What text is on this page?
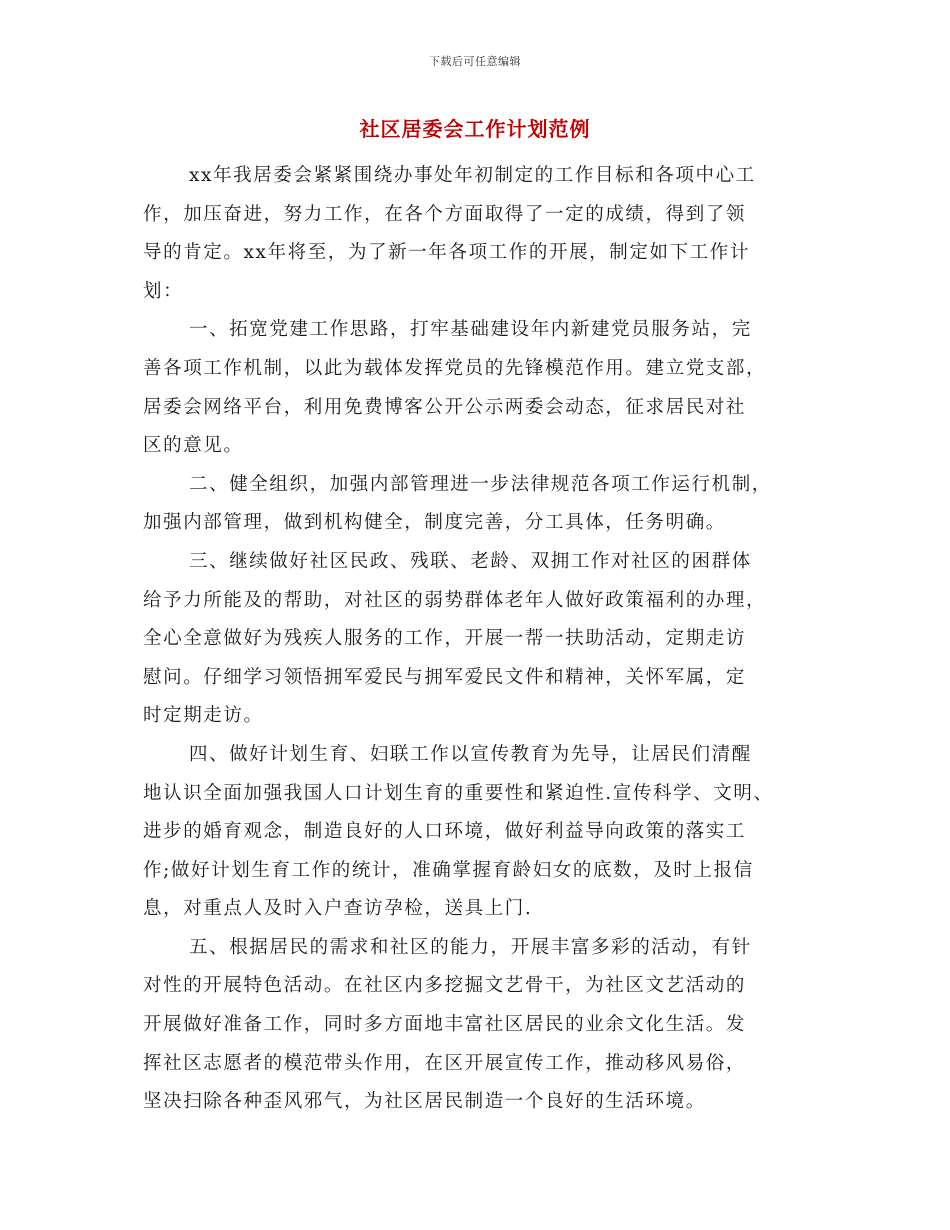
下载后可任意编辑
社区居委会工作计划范例
xx年我居委会紧紧围绕办事处年初制定的工作目标和各项中心工
作，加压奋进，努力工作，在各个方面取得了一定的成绩，得到了领
导的肯定。xx年将至，为了新一年各项工作的开展，制定如下工作计
划：
一、拓宽党建工作思路，打牢基础建设年内新建党员服务站，完
善各项工作机制，以此为载体发挥党员的先锋模范作用。建立党支部，
居委会网络平台，利用免费博客公开公示两委会动态，征求居民对社
区的意见。
二、健全组织，加强内部管理进一步法律规范各项工作运行机制，
加强内部管理，做到机构健全，制度完善，分工具体，任务明确。
三、继续做好社区民政、残联、老龄、双拥工作对社区的困群体
给予力所能及的帮助，对社区的弱势群体老年人做好政策福利的办理，
全心全意做好为残疾人服务的工作，开展一帮一扶助活动，定期走访
慰问。仔细学习领悟拥军爱民与拥军爱民文件和精神，关怀军属，定
时定期走访。
四、做好计划生育、妇联工作以宣传教育为先导，让居民们清醒
地认识全面加强我国人口计划生育的重要性和紧迫性.宣传科学、文明、
进步的婚育观念，制造良好的人口环境，做好利益导向政策的落实工
作;做好计划生育工作的统计，准确掌握育龄妇女的底数，及时上报信
息，对重点人及时入户查访孕检，送具上门.
五、根据居民的需求和社区的能力，开展丰富多彩的活动，有针
对性的开展特色活动。在社区内多挖掘文艺骨干，为社区文艺活动的
开展做好准备工作，同时多方面地丰富社区居民的业余文化生活。发
挥社区志愿者的模范带头作用，在区开展宣传工作，推动移风易俗，
坚决扫除各种歪风邪气，为社区居民制造一个良好的生活环境。
